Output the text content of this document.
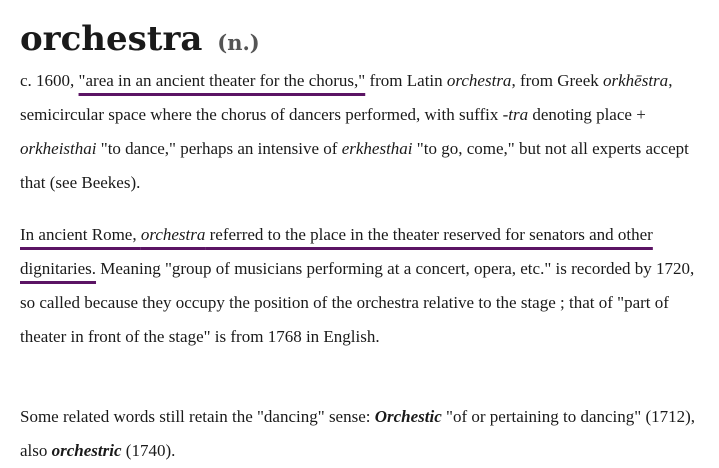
orchestra (n.)
c. 1600, "area in an ancient theater for the chorus," from Latin orchestra, from Greek orkhēstra, semicircular space where the chorus of dancers performed, with suffix -tra denoting place + orkheisthai "to dance," perhaps an intensive of erkhesthai "to go, come," but not all experts accept that (see Beekes).
In ancient Rome, orchestra referred to the place in the theater reserved for senators and other dignitaries. Meaning "group of musicians performing at a concert, opera, etc." is recorded by 1720, so called because they occupy the position of the orchestra relative to the stage ; that of "part of theater in front of the stage" is from 1768 in English.
Some related words still retain the "dancing" sense: Orchestic "of or pertaining to dancing" (1712), also orchestric (1740).
